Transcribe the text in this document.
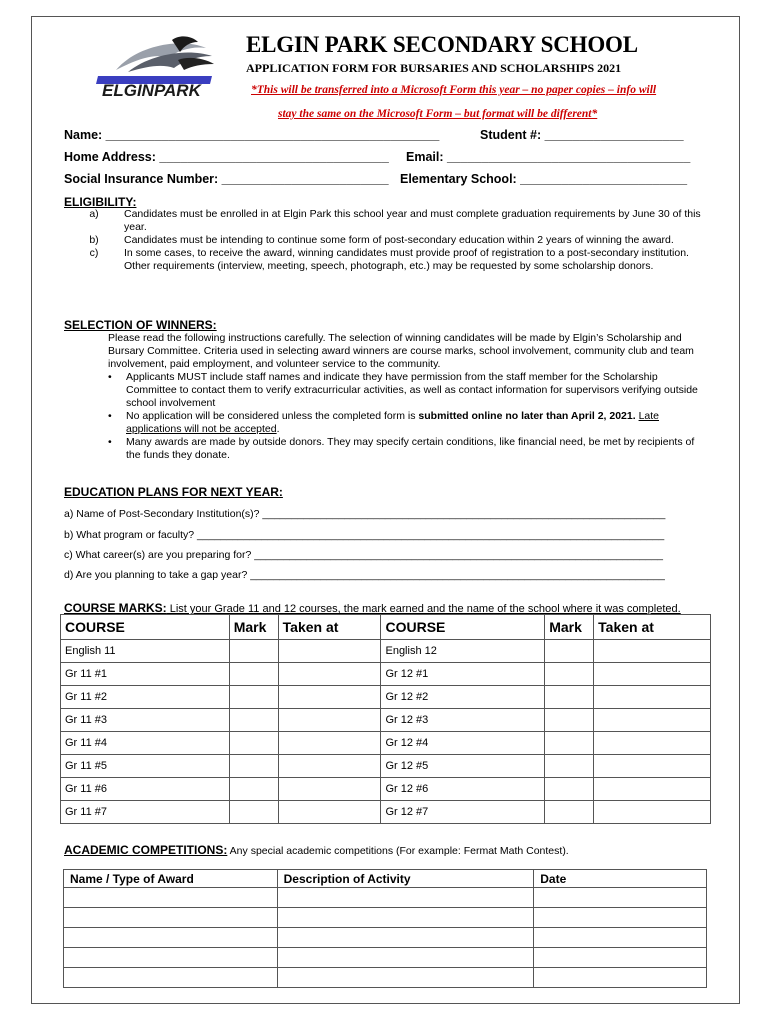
ELGINPARK
ELGIN PARK SECONDARY SCHOOL
APPLICATION FORM FOR BURSARIES AND SCHOLARSHIPS 2021
*This will be transferred into a Microsoft Form this year – no paper copies – info will
stay the same on the Microsoft Form – but format will be different*
Name: ________________________________________________	Student #: ____________________
Home Address: _________________________________ Email: ___________________________________
Social Insurance Number: ________________________ Elementary School: ________________________
ELIGIBILITY:
a)	Candidates must be enrolled in at Elgin Park this school year and must complete graduation requirements by June 30 of this year.
b)	Candidates must be intending to continue some form of post-secondary education within 2 years of winning the award.
c)	In some cases, to receive the award, winning candidates must provide proof of registration to a post-secondary institution. Other requirements (interview, meeting, speech, photograph, etc.) may be requested by some scholarship donors.
SELECTION OF WINNERS:
Please read the following instructions carefully. The selection of winning candidates will be made by Elgin’s Scholarship and Bursary Committee. Criteria used in selecting award winners are course marks, school involvement, community club and team involvement, paid employment, and volunteer service to the community.
•	Applicants MUST include staff names and indicate they have permission from the staff member for the Scholarship Committee to contact them to verify extracurricular activities, as well as contact information for supervisors verifying outside school involvement
•	No application will be considered unless the completed form is submitted online no later than April 2, 2021. Late applications will not be accepted.
•	Many awards are made by outside donors. They may specify certain conditions, like financial need, be met by recipients of the funds they donate.
EDUCATION PLANS FOR NEXT YEAR:
a) Name of Post-Secondary Institution(s)? _____________________________________________________________________
b) What program or faculty? ________________________________________________________________________________
c) What career(s) are you preparing for? ______________________________________________________________________
d) Are you planning to take a gap year? _______________________________________________________________________
COURSE MARKS: List your Grade 11 and 12 courses, the mark earned and the name of the school where it was completed.
COURSE	Mark	Taken at	COURSE	Mark	Taken at
English 11			English 12		
Gr 11 #1			Gr 12 #1		
Gr 11 #2			Gr 12 #2		
Gr 11 #3			Gr 12 #3		
Gr 11 #4			Gr 12 #4		
Gr 11 #5			Gr 12 #5		
Gr 11 #6			Gr 12 #6		
Gr 11 #7			Gr 12 #7		
ACADEMIC COMPETITIONS: Any special academic competitions (For example: Fermat Math Contest).
Name / Type of Award	Description of Activity	Date
